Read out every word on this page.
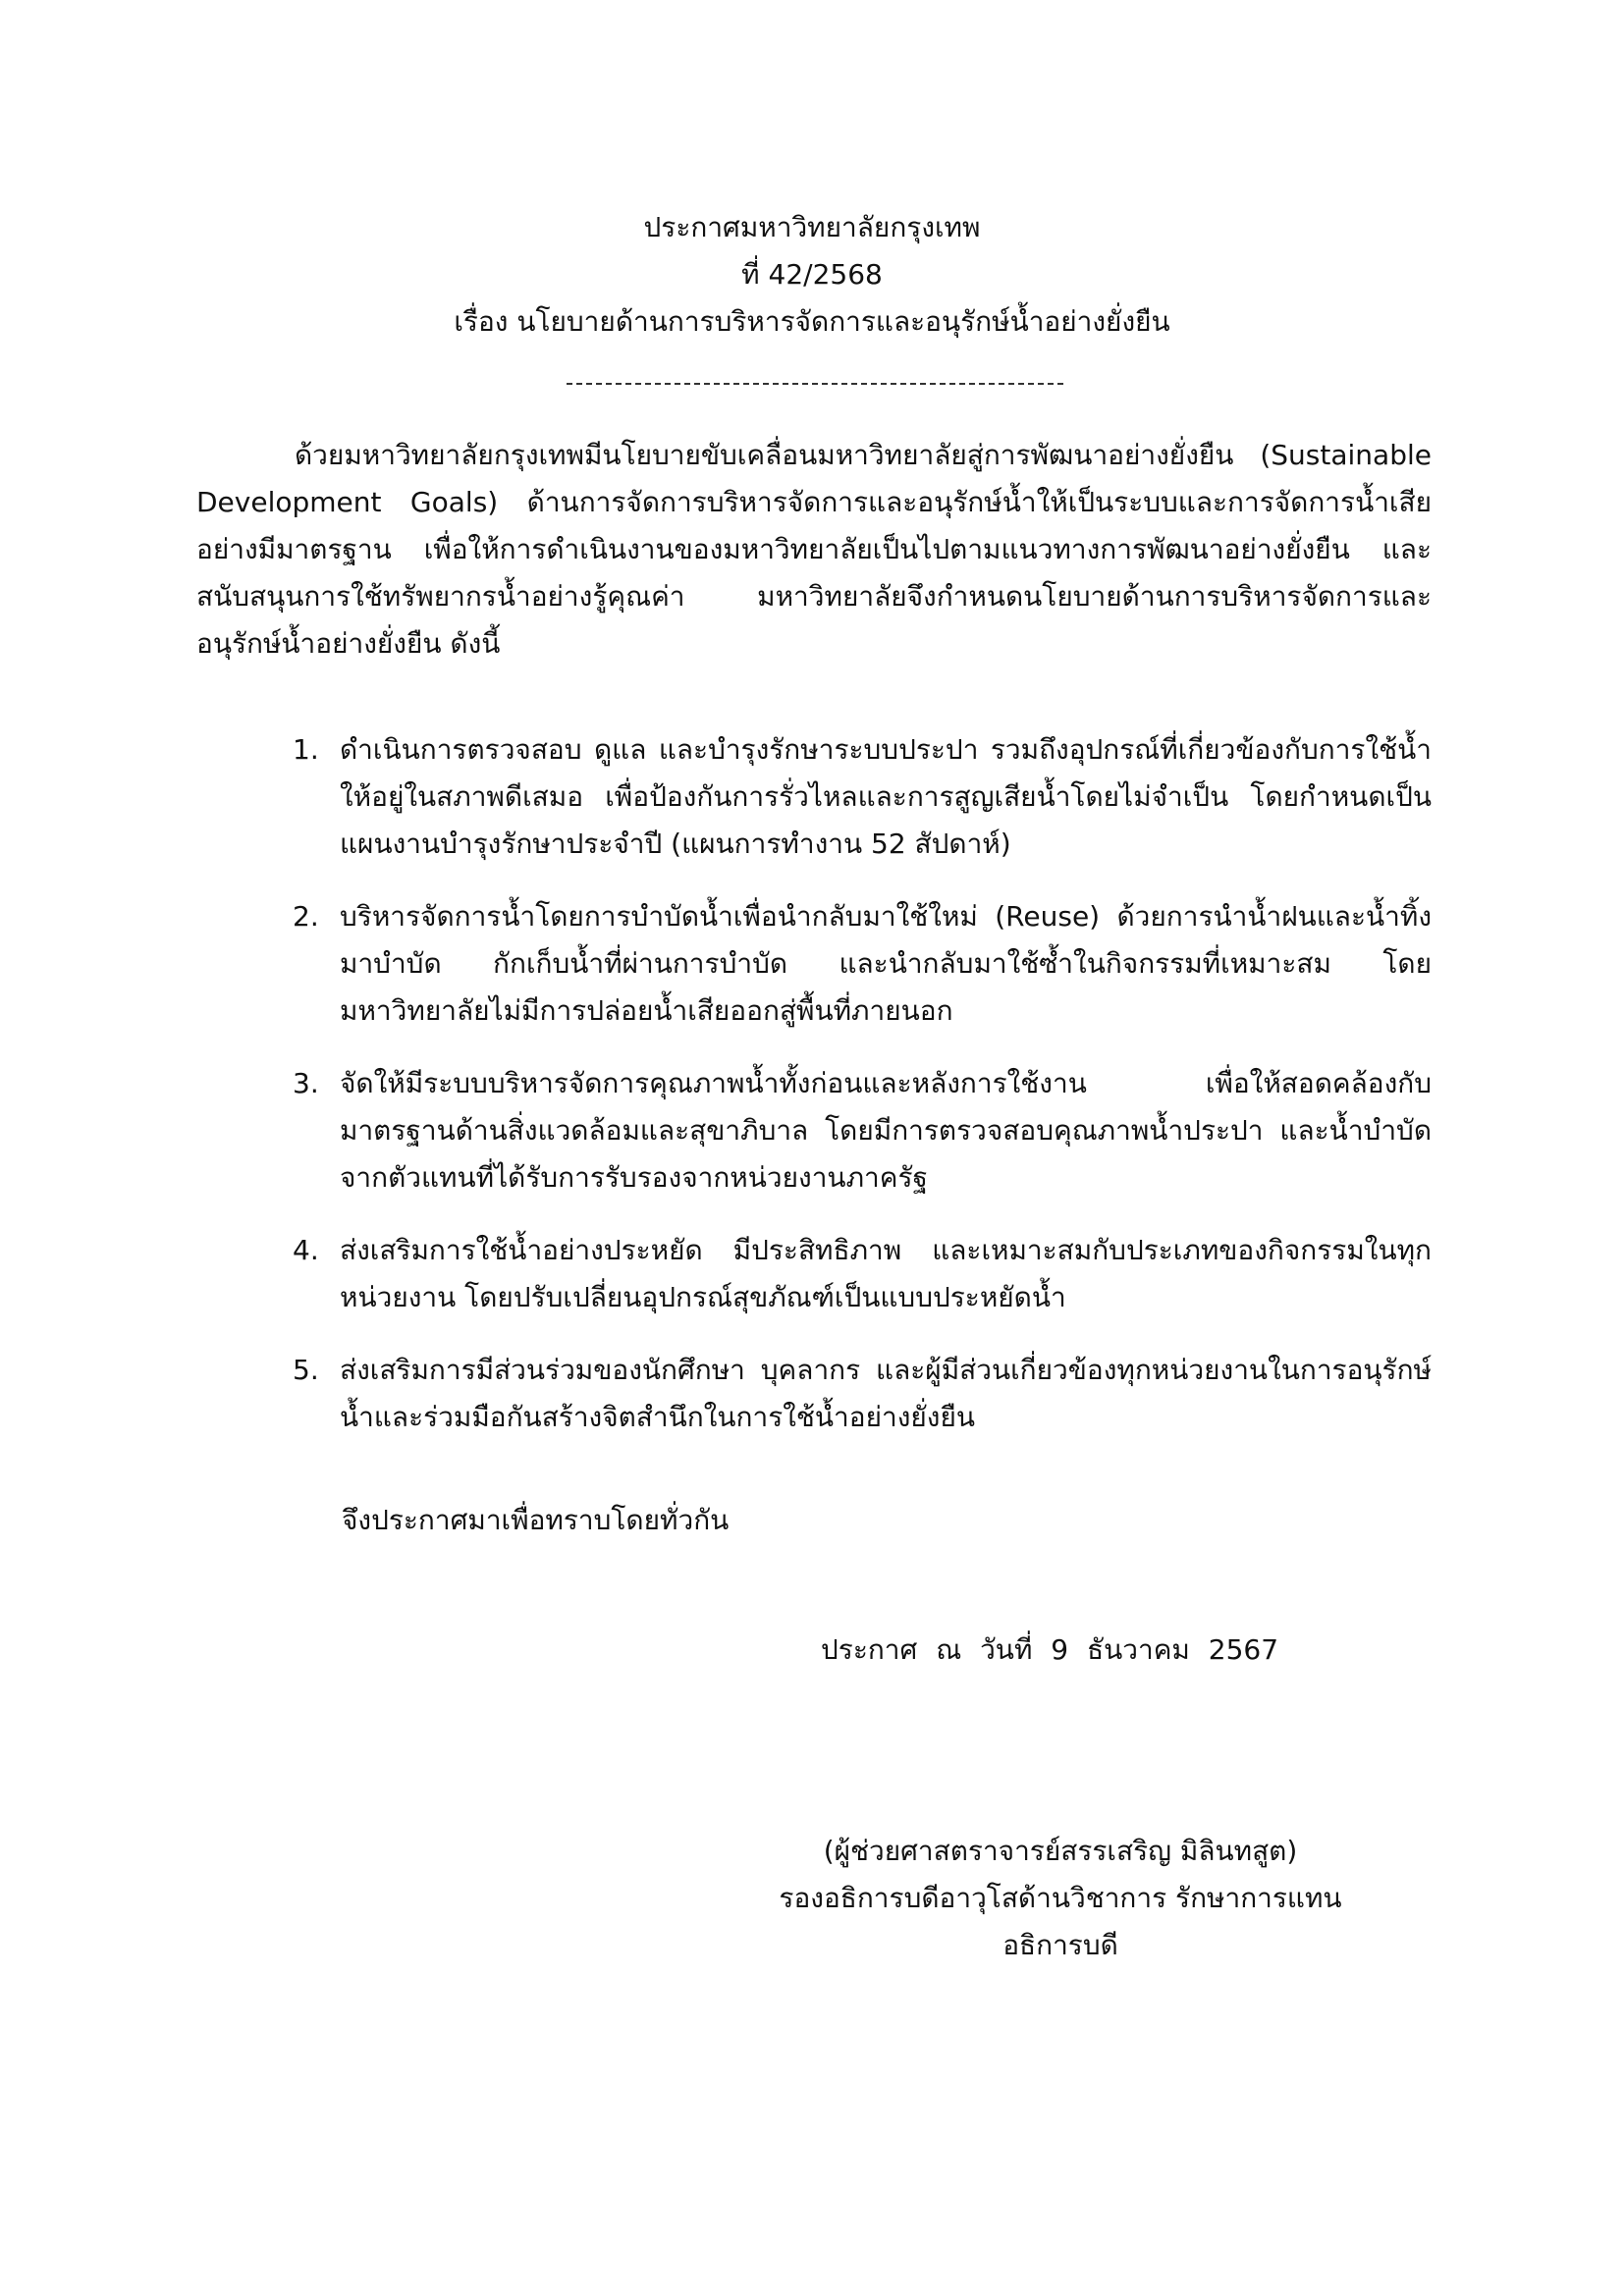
ประกาศมหาวิทยาลัยกรุงเทพ
ที่ 42/2568
เรื่อง นโยบายด้านการบริหารจัดการและอนุรักษ์น้ำอย่างยั่งยืน

ด้วยมหาวิทยาลัยกรุงเทพมีนโยบายขับเคลื่อนมหาวิทยาลัยสู่การพัฒนาอย่างยั่งยืน (Sustainable Development Goals) ด้านการจัดการบริหารจัดการและอนุรักษ์น้ำให้เป็นระบบและการจัดการน้ำเสียอย่างมีมาตรฐาน เพื่อให้การดำเนินงานของมหาวิทยาลัยเป็นไปตามแนวทางการพัฒนาอย่างยั่งยืน และสนับสนุนการใช้ทรัพยากรน้ำอย่างรู้คุณค่า มหาวิทยาลัยจึงกำหนดนโยบายด้านการบริหารจัดการและอนุรักษ์น้ำอย่างยั่งยืน ดังนี้

1. ดำเนินการตรวจสอบ ดูแล และบำรุงรักษาระบบประปา รวมถึงอุปกรณ์ที่เกี่ยวข้องกับการใช้น้ำให้อยู่ในสภาพดีเสมอ เพื่อป้องกันการรั่วไหลและการสูญเสียน้ำโดยไม่จำเป็น โดยกำหนดเป็นแผนงานบำรุงรักษาประจำปี (แผนการทำงาน 52 สัปดาห์)
2. บริหารจัดการน้ำโดยการบำบัดน้ำเพื่อนำกลับมาใช้ใหม่ (Reuse) ด้วยการนำน้ำฝนและน้ำทิ้งมาบำบัด กักเก็บน้ำที่ผ่านการบำบัด และนำกลับมาใช้ซ้ำในกิจกรรมที่เหมาะสม โดยมหาวิทยาลัยไม่มีการปล่อยน้ำเสียออกสู่พื้นที่ภายนอก
3. จัดให้มีระบบบริหารจัดการคุณภาพน้ำทั้งก่อนและหลังการใช้งาน เพื่อให้สอดคล้องกับมาตรฐานด้านสิ่งแวดล้อมและสุขาภิบาล โดยมีการตรวจสอบคุณภาพน้ำประปา และน้ำบำบัดจากตัวแทนที่ได้รับการรับรองจากหน่วยงานภาครัฐ
4. ส่งเสริมการใช้น้ำอย่างประหยัด มีประสิทธิภาพ และเหมาะสมกับประเภทของกิจกรรมในทุกหน่วยงาน โดยปรับเปลี่ยนอุปกรณ์สุขภัณฑ์เป็นแบบประหยัดน้ำ
5. ส่งเสริมการมีส่วนร่วมของนักศึกษา บุคลากร และผู้มีส่วนเกี่ยวข้องทุกหน่วยงานในการอนุรักษ์น้ำและร่วมมือกันสร้างจิตสำนึกในการใช้น้ำอย่างยั่งยืน
จึงประกาศมาเพื่อทราบโดยทั่วกัน
ประกาศ ณ วันที่ 9 ธันวาคม 2567
(ผู้ช่วยศาสตราจารย์สรรเสริญ มิลินทสูต)
รองอธิการบดีอาวุโสด้านวิชาการ รักษาการแทน
อธิการบดี
